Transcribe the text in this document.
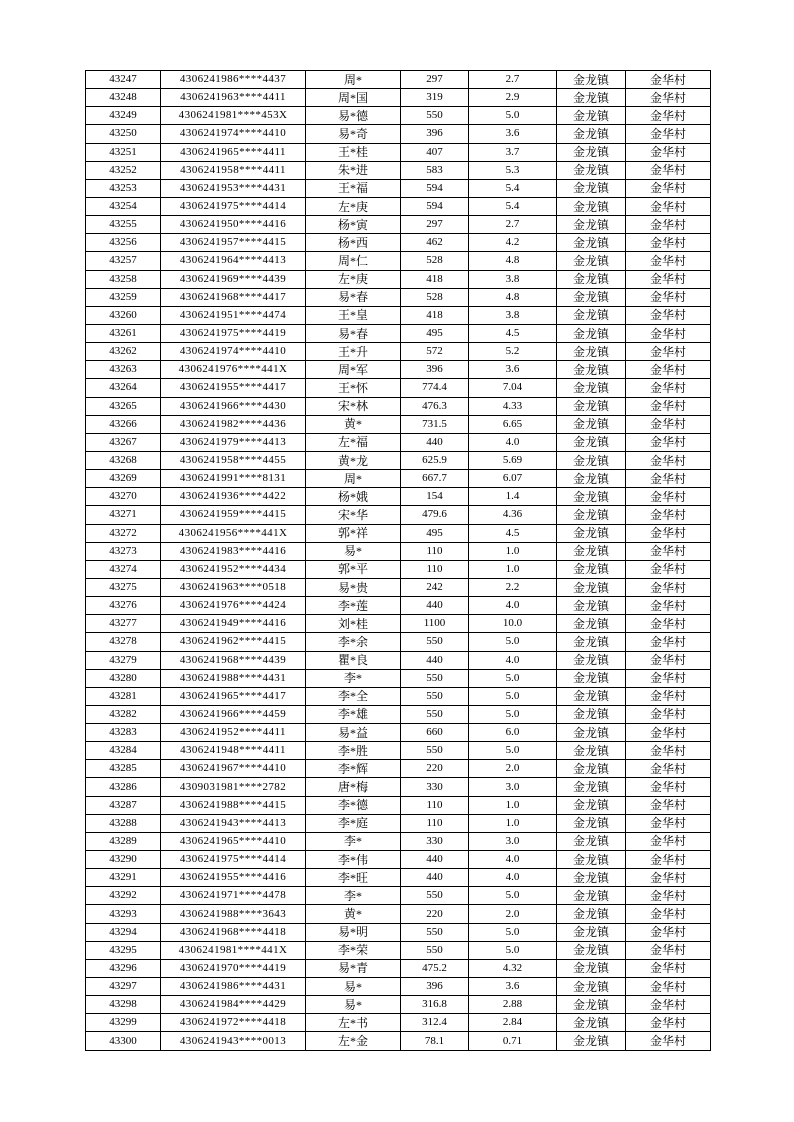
43247	4306241986****4437	周*	297	2.7	金龙镇	金华村
43248	4306241963****4411	周*国	319	2.9	金龙镇	金华村
43249	4306241981****453X	易*德	550	5.0	金龙镇	金华村
43250	4306241974****4410	易*奇	396	3.6	金龙镇	金华村
43251	4306241965****4411	王*桂	407	3.7	金龙镇	金华村
43252	4306241958****4411	朱*进	583	5.3	金龙镇	金华村
43253	4306241953****4431	王*福	594	5.4	金龙镇	金华村
43254	4306241975****4414	左*庚	594	5.4	金龙镇	金华村
43255	4306241950****4416	杨*寅	297	2.7	金龙镇	金华村
43256	4306241957****4415	杨*西	462	4.2	金龙镇	金华村
43257	4306241964****4413	周*仁	528	4.8	金龙镇	金华村
43258	4306241969****4439	左*庚	418	3.8	金龙镇	金华村
43259	4306241968****4417	易*春	528	4.8	金龙镇	金华村
43260	4306241951****4474	王*皇	418	3.8	金龙镇	金华村
43261	4306241975****4419	易*春	495	4.5	金龙镇	金华村
43262	4306241974****4410	王*升	572	5.2	金龙镇	金华村
43263	4306241976****441X	周*军	396	3.6	金龙镇	金华村
43264	4306241955****4417	王*怀	774.4	7.04	金龙镇	金华村
43265	4306241966****4430	宋*林	476.3	4.33	金龙镇	金华村
43266	4306241982****4436	黄*	731.5	6.65	金龙镇	金华村
43267	4306241979****4413	左*福	440	4.0	金龙镇	金华村
43268	4306241958****4455	黄*龙	625.9	5.69	金龙镇	金华村
43269	4306241991****8131	周*	667.7	6.07	金龙镇	金华村
43270	4306241936****4422	杨*娥	154	1.4	金龙镇	金华村
43271	4306241959****4415	宋*华	479.6	4.36	金龙镇	金华村
43272	4306241956****441X	郭*祥	495	4.5	金龙镇	金华村
43273	4306241983****4416	易*	110	1.0	金龙镇	金华村
43274	4306241952****4434	郭*平	110	1.0	金龙镇	金华村
43275	4306241963****0518	易*贵	242	2.2	金龙镇	金华村
43276	4306241976****4424	李*莲	440	4.0	金龙镇	金华村
43277	4306241949****4416	刘*桂	1100	10.0	金龙镇	金华村
43278	4306241962****4415	李*余	550	5.0	金龙镇	金华村
43279	4306241968****4439	瞿*良	440	4.0	金龙镇	金华村
43280	4306241988****4431	李*	550	5.0	金龙镇	金华村
43281	4306241965****4417	李*全	550	5.0	金龙镇	金华村
43282	4306241966****4459	李*雄	550	5.0	金龙镇	金华村
43283	4306241952****4411	易*益	660	6.0	金龙镇	金华村
43284	4306241948****4411	李*胜	550	5.0	金龙镇	金华村
43285	4306241967****4410	李*辉	220	2.0	金龙镇	金华村
43286	4309031981****2782	唐*梅	330	3.0	金龙镇	金华村
43287	4306241988****4415	李*德	110	1.0	金龙镇	金华村
43288	4306241943****4413	李*庭	110	1.0	金龙镇	金华村
43289	4306241965****4410	李*	330	3.0	金龙镇	金华村
43290	4306241975****4414	李*伟	440	4.0	金龙镇	金华村
43291	4306241955****4416	李*旺	440	4.0	金龙镇	金华村
43292	4306241971****4478	李*	550	5.0	金龙镇	金华村
43293	4306241988****3643	黄*	220	2.0	金龙镇	金华村
43294	4306241968****4418	易*明	550	5.0	金龙镇	金华村
43295	4306241981****441X	李*荣	550	5.0	金龙镇	金华村
43296	4306241970****4419	易*青	475.2	4.32	金龙镇	金华村
43297	4306241986****4431	易*	396	3.6	金龙镇	金华村
43298	4306241984****4429	易*	316.8	2.88	金龙镇	金华村
43299	4306241972****4418	左*书	312.4	2.84	金龙镇	金华村
43300	4306241943****0013	左*金	78.1	0.71	金龙镇	金华村
